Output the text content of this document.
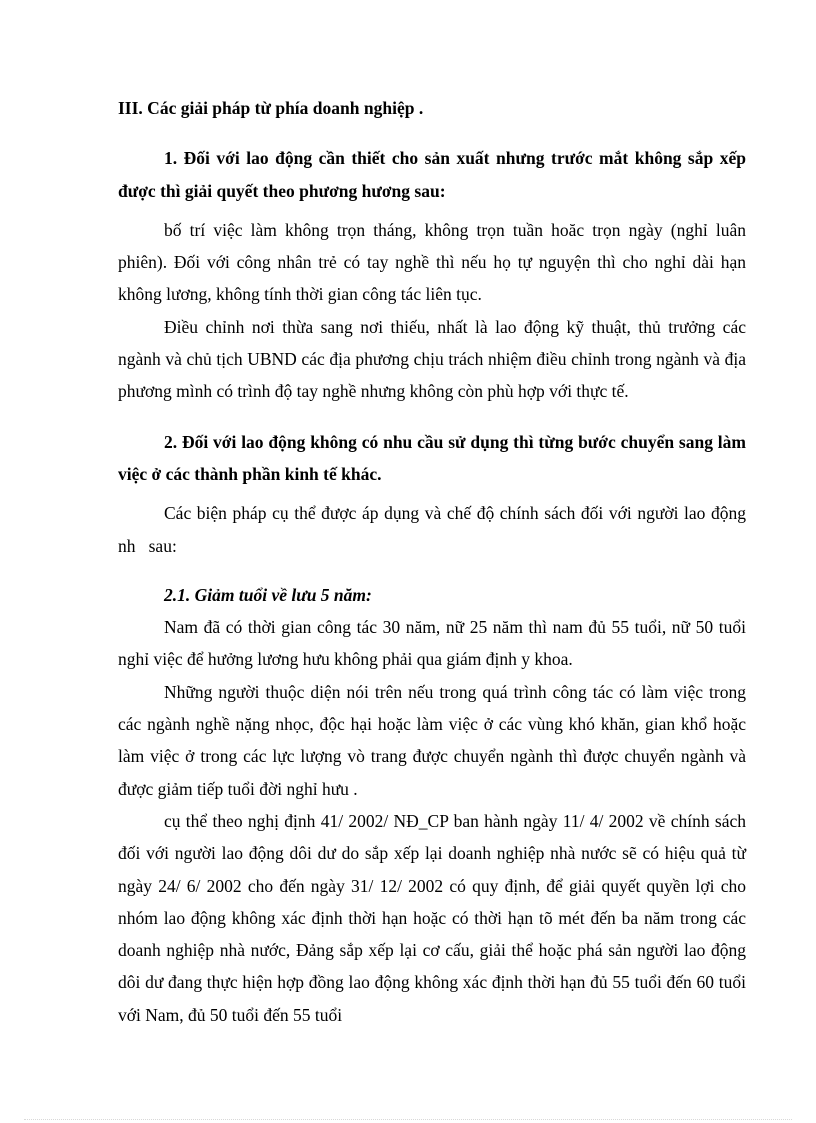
III. Các giải pháp từ phía doanh nghiệp .

1. Đối với lao động cần thiết cho sản xuất nhưng trước mắt không sắp xếp được thì giải quyết theo phương hương sau:

bố trí việc làm không trọn tháng, không trọn tuần hoăc trọn ngày (nghỉ luân phiên). Đối với công nhân trẻ có tay nghề thì nếu họ tự nguyện thì cho nghỉ dài hạn không lương, không tính thời gian công tác liên tục.

Điều chỉnh nơi thừa sang nơi thiếu, nhất là lao động kỹ thuật, thủ trưởng các ngành và chủ tịch UBND các địa phương chịu trách nhiệm điều chỉnh trong ngành và địa phương mình có trình độ tay nghề nhưng không còn phù hợp với thực tế.

2. Đối với lao động không có nhu cầu sử dụng thì từng bước chuyển sang làm việc ở các thành phần kinh tế khác.

Các biện pháp cụ thể được áp dụng và chế độ chính sách đối với người lao động nh   sau:

2.1. Giảm tuổi về lưu 5 năm:

Nam đã có thời gian công tác 30 năm, nữ 25 năm thì nam đủ 55 tuổi, nữ 50 tuổi nghỉ việc để hưởng lương hưu không phải qua giám định y khoa.

Những người thuộc diện nói trên nếu trong quá trình công tác có làm việc trong các ngành nghề nặng nhọc, độc hại hoặc làm việc ở các vùng khó khăn, gian khổ hoặc làm việc ở trong các lực lượng vò trang được chuyển ngành thì được chuyển ngành và được giảm tiếp tuổi đời nghỉ hưu .

cụ thể theo nghị định 41/ 2002/ NĐ_CP ban hành ngày 11/ 4/ 2002 về chính sách đối với người lao động dôi dư do sắp xếp lại doanh nghiệp nhà nước sẽ có hiệu quả từ ngày 24/ 6/ 2002 cho đến ngày 31/ 12/ 2002 có quy định, để giải quyết quyền lợi cho nhóm lao động không xác định thời hạn hoặc có thời hạn tõ mét đến ba năm trong các doanh nghiệp nhà nước, Đảng sắp xếp lại cơ cấu, giải thể hoặc phá sản người lao động dôi dư đang thực hiện hợp đồng lao động không xác định thời hạn đủ 55 tuổi đến 60 tuổi với Nam, đủ 50 tuổi đến 55 tuổi
